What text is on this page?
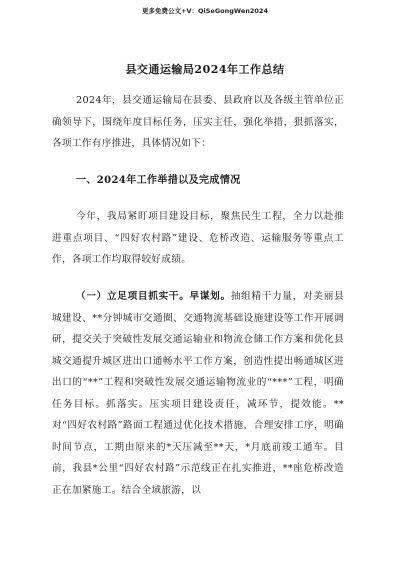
更多免费公文+V：QiSeGongWen2024
县交通运输局2024年工作总结

2024年，县交通运输局在县委、县政府以及各级主管单位正确领导下，围绕年度目标任务，压实主任，强化举措，狠抓落实，各项工作有序推进，具体情况如下：

一、2024年工作举措以及完成情况

今年，我局紧盯项目建设目标，聚焦民生工程，全力以赴推进重点项目、“四好农村路”建设、危桥改造、运输服务等重点工作，各项工作均取得较好成绩。

（一）立足项目抓实干。早谋划。抽组精干力量，对美丽县城建设、**分钟城市交通圈、交通物流基础设施建设等工作开展调研，提交关于突破性发展交通运输业和物流仓储工作方案和优化县城交通提升城区进出口通畅水平工作方案，创造性提出畅通城区进出口的“**”工程和突破性发展交通运输物流业的“***”工程，明确任务目标。抓落实。压实项目建设责任，减环节，提效能。**对“四好农村路”路面工程通过优化技术措施，合理安排工序，明确时间节点，工期由原来的*天压减至**天，*月底前竣工通车。目前，我县*公里“四好农村路”示范线正在扎实推进，**座危桥改造正在加紧施工。结合全域旅游，以
